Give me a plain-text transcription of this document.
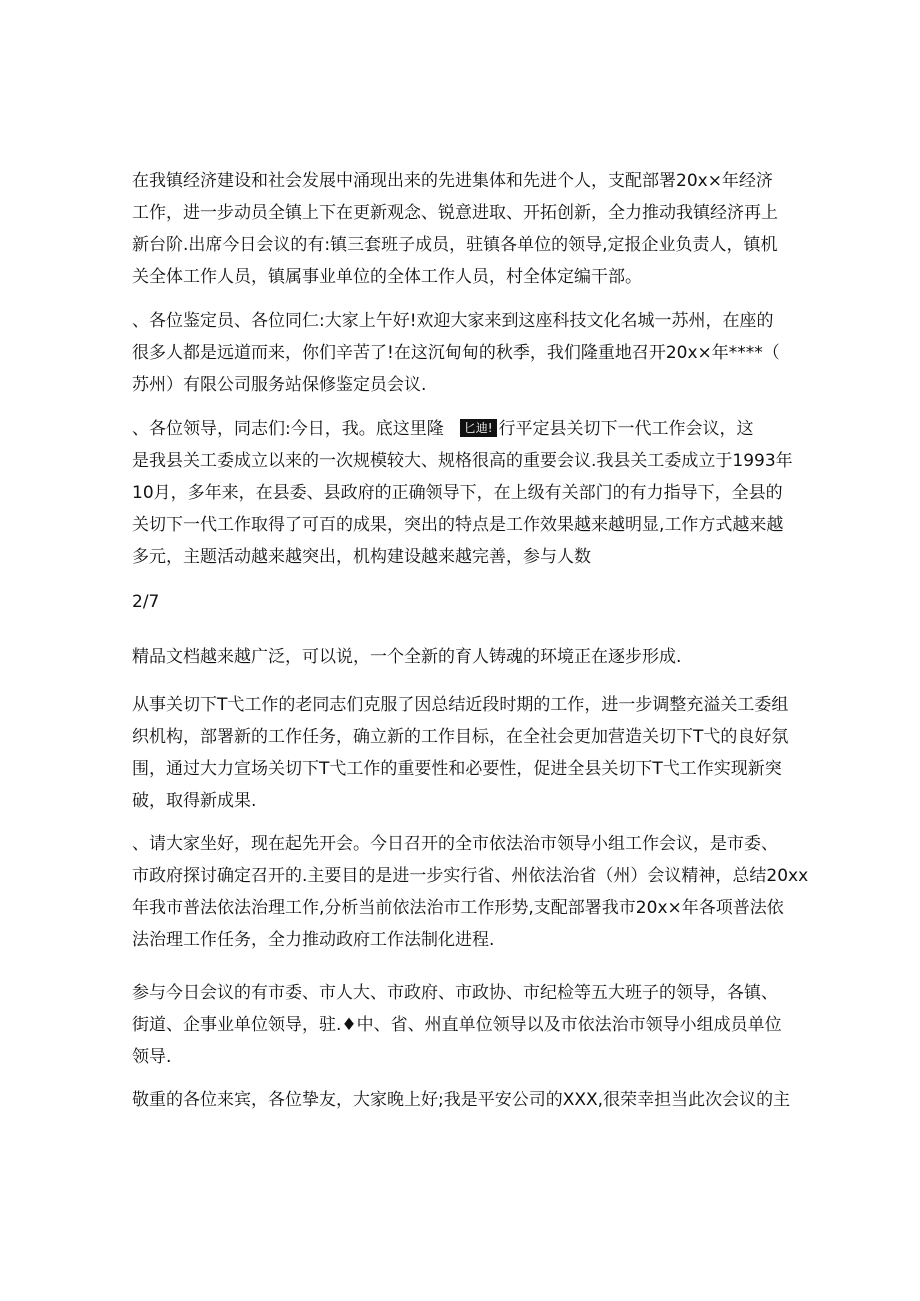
在我镇经济建设和社会发展中涌现出来的先进集体和先进个人，支配部署20x×年经济
工作，进一步动员全镇上下在更新观念、锐意进取、开拓创新，全力推动我镇经济再上
新台阶.出席今日会议的有:镇三套班子成员，驻镇各单位的领导,定报企业负责人，镇机
关全体工作人员，镇属事业单位的全体工作人员，村全体定编干部。

、各位鉴定员、各位同仁:大家上午好!欢迎大家来到这座科技文化名城一苏州，在座的
很多人都是远道而来，你们辛苦了!在这沉甸甸的秋季，我们隆重地召开20x×年****（
苏州）有限公司服务站保修鉴定员会议.

、各位领导，同志们:今日，我。底这里隆 匕迪! 行平定县关切下一代工作会议，这
是我县关工委成立以来的一次规模较大、规格很高的重要会议.我县关工委成立于1993年
10月，多年来，在县委、县政府的正确领导下，在上级有关部门的有力指导下，全县的
关切下一代工作取得了可百的成果，突出的特点是工作效果越来越明显,工作方式越来越
多元，主题活动越来越突出，机构建设越来越完善，参与人数

2/7

精品文档越来越广泛，可以说，一个全新的育人铸魂的环境正在逐步形成.

从事关切下T弋工作的老同志们克服了因总结近段时期的工作，进一步调整充溢关工委组
织机构，部署新的工作任务，确立新的工作目标，在全社会更加营造关切下T弋的良好氛
围，通过大力宣场关切下T弋工作的重要性和必要性，促进全县关切下T弋工作实现新突
破，取得新成果.

、请大家坐好，现在起先开会。今日召开的全市依法治市领导小组工作会议，是市委、
市政府探讨确定召开的.主要目的是进一步实行省、州依法治省（州）会议精神，总结20xx
年我市普法依法治理工作,分析当前依法治市工作形势,支配部署我市20x×年各项普法依
法治理工作任务，全力推动政府工作法制化进程.

参与今日会议的有市委、市人大、市政府、市政协、市纪检等五大班子的领导，各镇、
街道、企事业单位领导，驻.♦中、省、州直单位领导以及市依法治市领导小组成员单位
领导.

敬重的各位来宾，各位挚友，大家晚上好;我是平安公司的XXX,很荣幸担当此次会议的主
